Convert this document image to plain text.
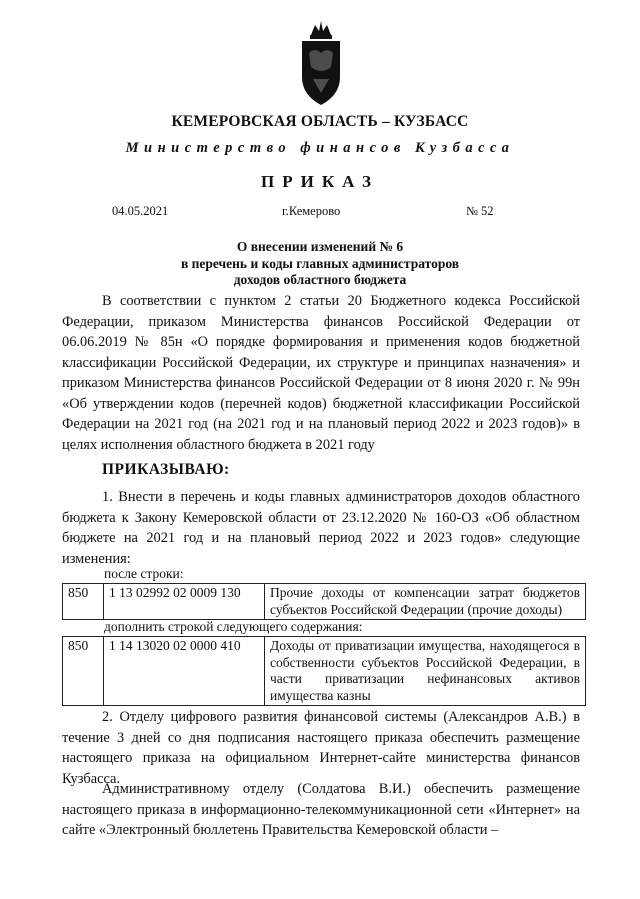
КЕМЕРОВСКАЯ ОБЛАСТЬ – КУЗБАСС
Министерство финансов Кузбасса
ПРИКАЗ
04.05.2021	г.Кемерово	№ 52
О внесении изменений № 6
в перечень и коды главных администраторов
доходов областного бюджета

В соответствии с пунктом 2 статьи 20 Бюджетного кодекса Российской Федерации, приказом Министерства финансов Российской Федерации от 06.06.2019 № 85н «О порядке формирования и применения кодов бюджетной классификации Российской Федерации, их структуре и принципах назначения» и приказом Министерства финансов Российской Федерации от 8 июня 2020 г. № 99н «Об утверждении кодов (перечней кодов) бюджетной классификации Российской Федерации на 2021 год (на 2021 год и на плановый период 2022 и 2023 годов)» в целях исполнения областного бюджета в 2021 году

ПРИКАЗЫВАЮ:

1. Внести в перечень и коды главных администраторов доходов областного бюджета к Закону Кемеровской области от 23.12.2020 № 160-ОЗ «Об областном бюджете на 2021 год и на плановый период 2022 и 2023 годов» следующие изменения:

после строки:
850	1 13 02992 02 0009 130	Прочие доходы от компенсации затрат бюджетов субъектов Российской Федерации (прочие доходы)
дополнить строкой следующего содержания:
850	1 14 13020 02 0000 410	Доходы от приватизации имущества, находящегося в собственности субъектов Российской Федерации, в части приватизации нефинансовых активов имущества казны

2. Отделу цифрового развития финансовой системы (Александров А.В.) в течение 3 дней со дня подписания настоящего приказа обеспечить размещение настоящего приказа на официальном Интернет-сайте министерства финансов Кузбасса.

Административному отделу (Солдатова В.И.) обеспечить размещение настоящего приказа в информационно-телекоммуникационной сети «Интернет» на сайте «Электронный бюллетень Правительства Кемеровской области –
